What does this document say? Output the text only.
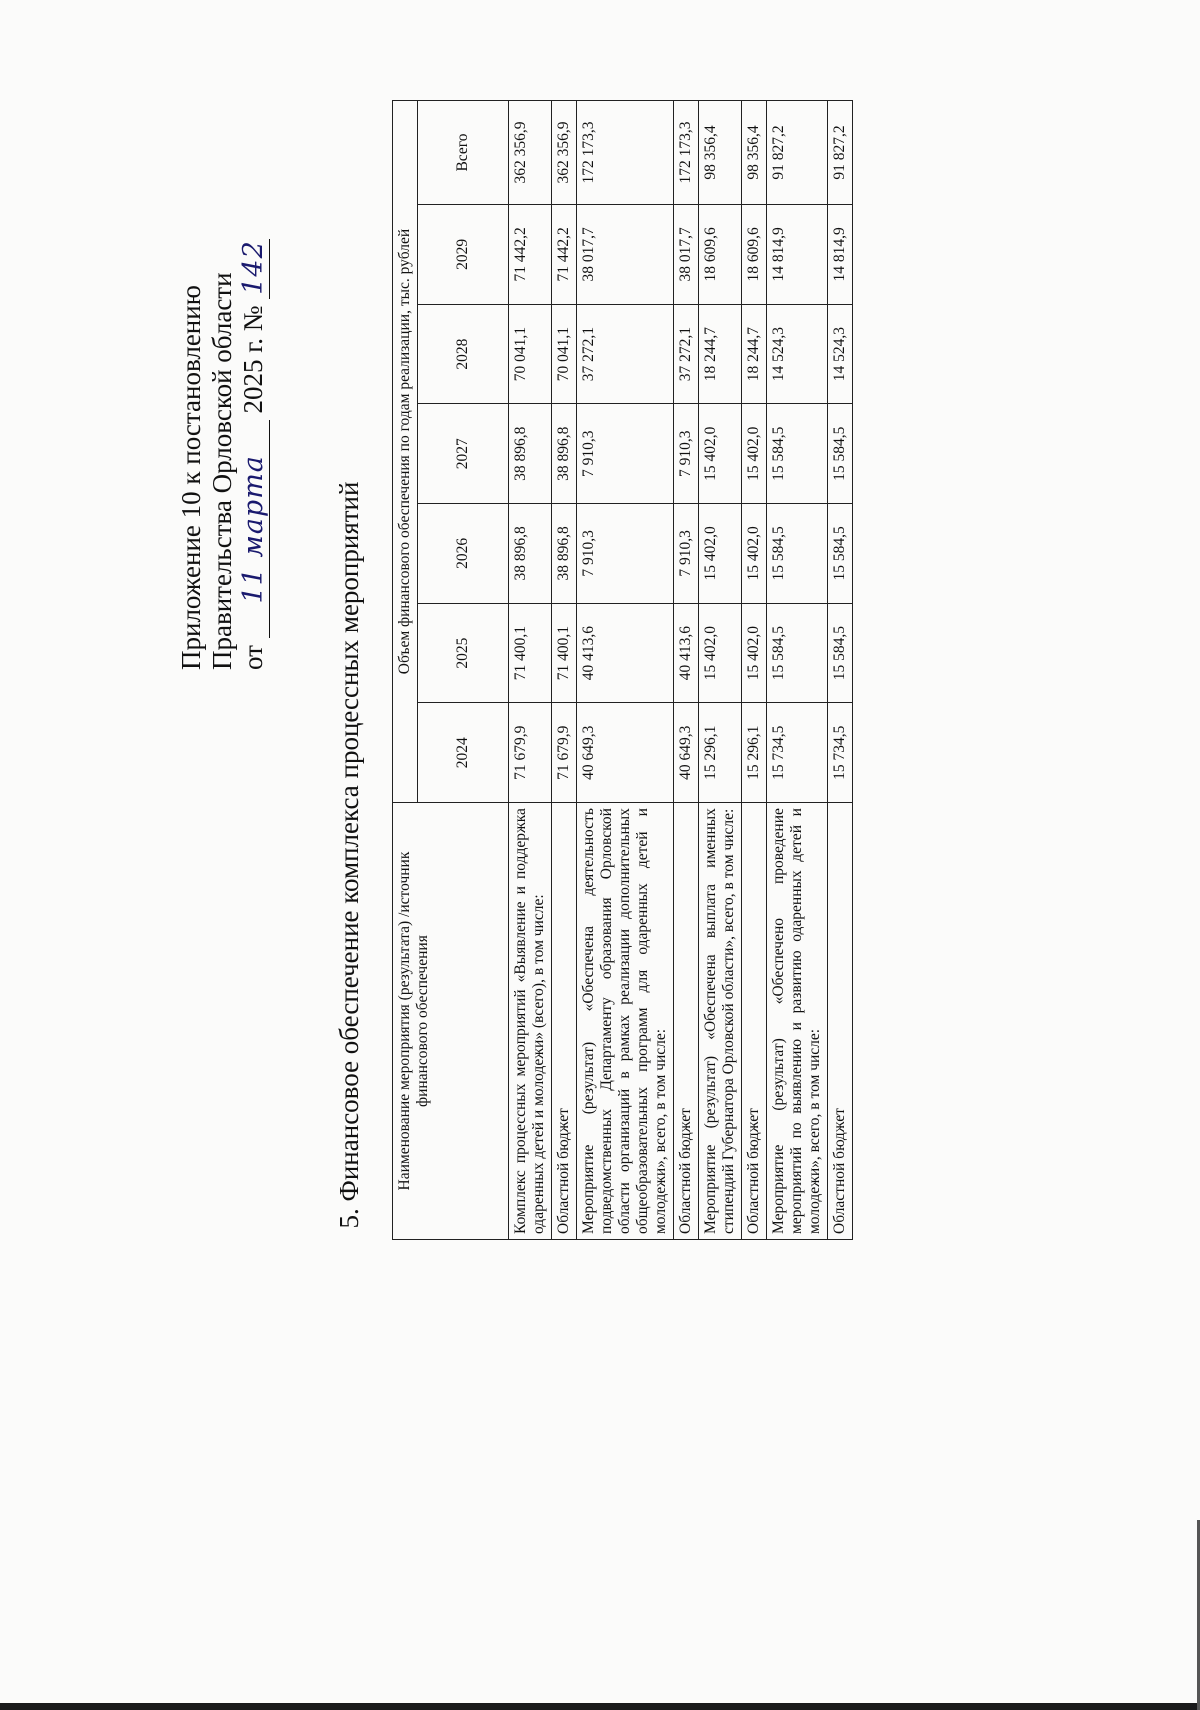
Приложение 10 к постановлению Правительства Орловской области от 11 марта 2025 г. № 142
5. Финансовое обеспечение комплекса процессных мероприятий Наименование мероприятия (результата) /источник финансового обеспечения	Объем финансового обеспечения по годам реализации, тыс. рублей						
	2024	2025	2026	2027	2028	2029	Всего
Комплекс процессных мероприятий «Выявление и поддержка одаренных детей и молодежи» (всего), в том числе:	71 679,9	71 400,1	38 896,8	38 896,8	70 041,1	71 442,2	362 356,9
Областной бюджет	71 679,9	71 400,1	38 896,8	38 896,8	70 041,1	71 442,2	362 356,9
Мероприятие (результат) «Обеспечена деятельность подведомственных Департаменту образования Орловской области организаций в рамках реализации дополнительных общеобразовательных программ для одаренных детей и молодежи», всего, в том числе:	40 649,3	40 413,6	7 910,3	7 910,3	37 272,1	38 017,7	172 173,3
Областной бюджет	40 649,3	40 413,6	7 910,3	7 910,3	37 272,1	38 017,7	172 173,3
Мероприятие (результат) «Обеспечена выплата именных стипендий Губернатора Орловской области», всего, в том числе:	15 296,1	15 402,0	15 402,0	15 402,0	18 244,7	18 609,6	98 356,4
Областной бюджет	15 296,1	15 402,0	15 402,0	15 402,0	18 244,7	18 609,6	98 356,4
Мероприятие (результат) «Обеспечено проведение мероприятий по выявлению и развитию одаренных детей и молодежи», всего, в том числе:	15 734,5	15 584,5	15 584,5	15 584,5	14 524,3	14 814,9	91 827,2
Областной бюджет	15 734,5	15 584,5	15 584,5	15 584,5	14 524,3	14 814,9	91 827,2
